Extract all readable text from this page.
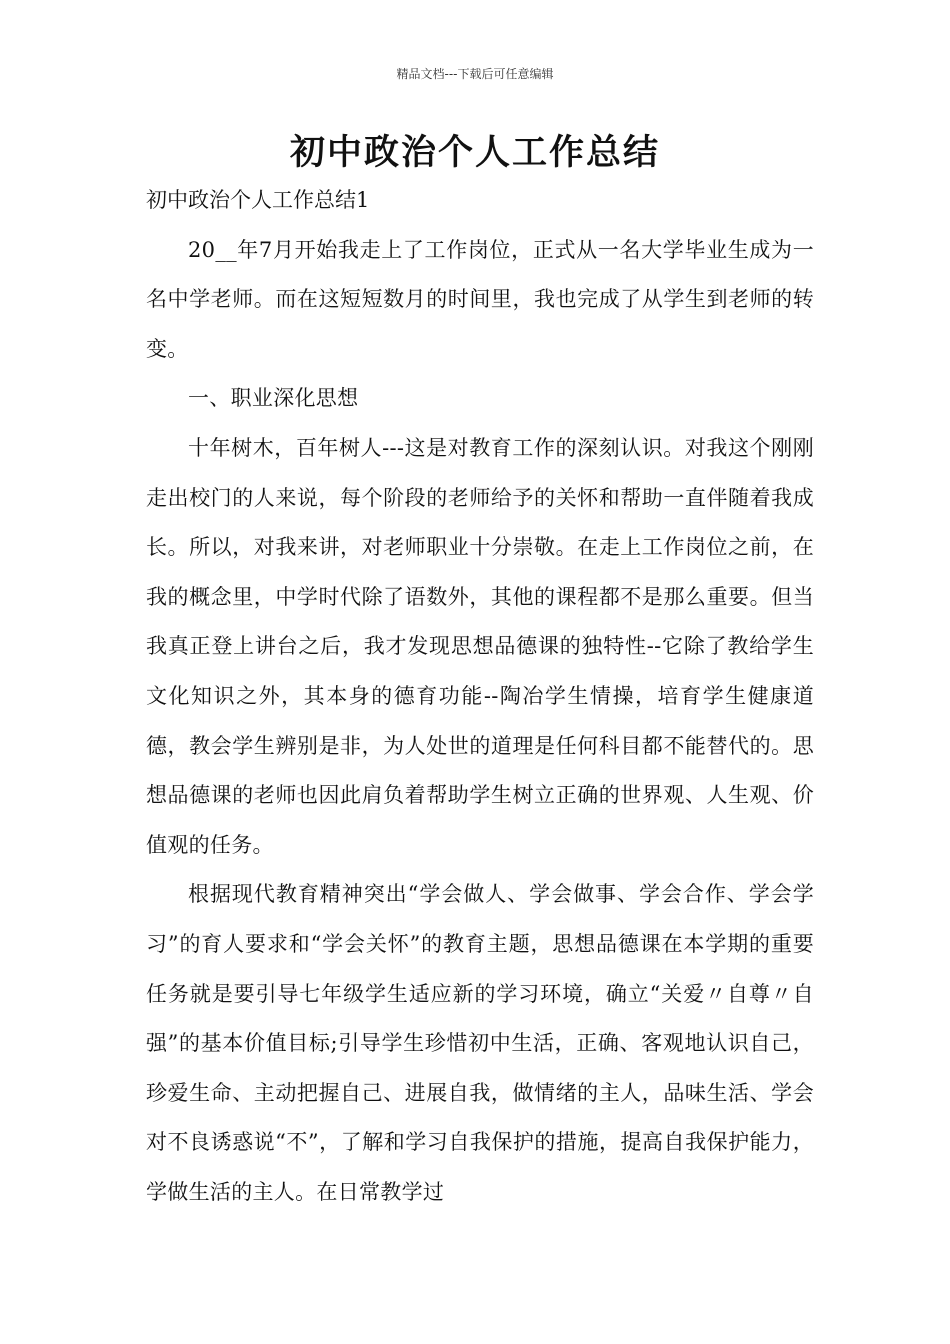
精品文档---下载后可任意编辑
初中政治个人工作总结

初中政治个人工作总结1

20__年7月开始我走上了工作岗位，正式从一名大学毕业生成为一名中学老师。而在这短短数月的时间里，我也完成了从学生到老师的转变。

一、职业深化思想

十年树木，百年树人---这是对教育工作的深刻认识。对我这个刚刚走出校门的人来说，每个阶段的老师给予的关怀和帮助一直伴随着我成长。所以，对我来讲，对老师职业十分崇敬。在走上工作岗位之前，在我的概念里，中学时代除了语数外，其他的课程都不是那么重要。但当我真正登上讲台之后，我才发现思想品德课的独特性--它除了教给学生文化知识之外，其本身的德育功能--陶冶学生情操，培育学生健康道德，教会学生辨别是非，为人处世的道理是任何科目都不能替代的。思想品德课的老师也因此肩负着帮助学生树立正确的世界观、人生观、价值观的任务。

根据现代教育精神突出“学会做人、学会做事、学会合作、学会学习”的育人要求和“学会关怀”的教育主题，思想品德课在本学期的重要任务就是要引导七年级学生适应新的学习环境，确立“关爱〃自尊〃自强”的基本价值目标;引导学生珍惜初中生活，正确、客观地认识自己，珍爱生命、主动把握自己、进展自我，做情绪的主人，品味生活、学会对不良诱惑说“不”，了解和学习自我保护的措施，提高自我保护能力，学做生活的主人。在日常教学过
